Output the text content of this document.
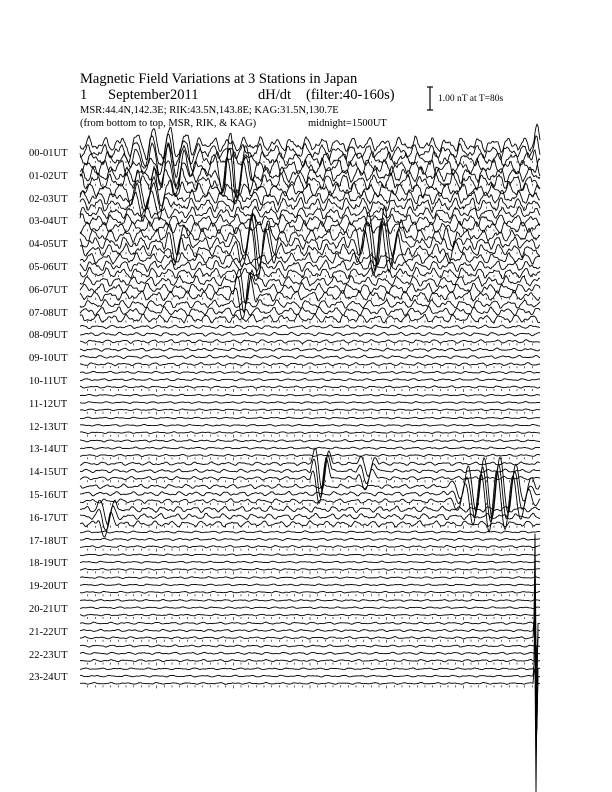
Magnetic Field Variations at 3 Stations in Japan
1 September 2011	dH/dt (filter:40-160s)
MSR:44.4N,142.3E; RIK:43.5N,143.8E; KAG:31.5N,130.7E
(from bottom to top, MSR, RIK, & KAG)	midnight=1500UT
1.00 nT at T=80s
00-01UT
01-02UT
02-03UT
03-04UT
04-05UT
05-06UT
06-07UT
07-08UT
08-09UT
09-10UT
10-11UT
11-12UT
12-13UT
13-14UT
14-15UT
15-16UT
16-17UT
17-18UT
18-19UT
19-20UT
20-21UT
21-22UT
22-23UT
23-24UT
